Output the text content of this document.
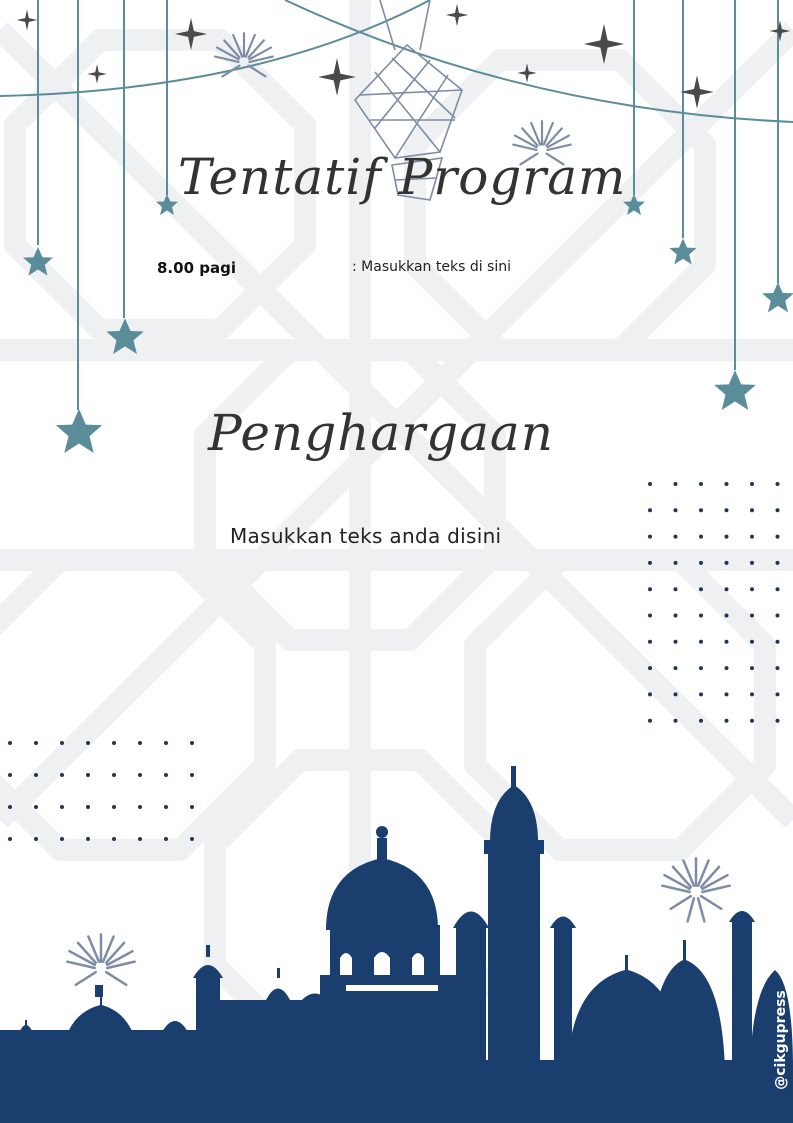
Tentatif Program
8.00 pagi	: Masukkan teks di sini
Penghargaan

Masukkan teks anda disini

@cikgupress
